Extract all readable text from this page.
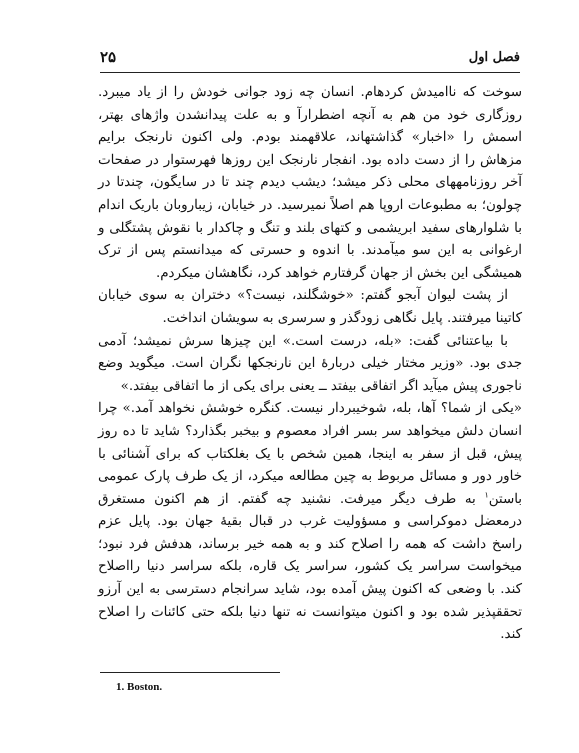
فصل اول
۲۵

سوخت که ناامیدش کردهام. انسان چه زود جوانی خودش را از یاد میبرد. روزگاری خود من هم به آنچه اضطرارآ و به علت پیدانشدن واژهای بهتر، اسمش را «اخبار» گذاشتهاند، علاقهمند بودم. ولی اکنون نارنجک برایم مزهاش را از دست داده بود. انفجار نارنجک این روزها فهرستوار در صفحات آخر روزنامههای محلی ذکر میشد؛ دیشب دیدم چند تا در سایگون، چندتا در چولون؛ به مطبوعات اروپا هم اصلاً نمیرسید. در خیابان، زیباروبان باریک اندام با شلوارهای سفید ابریشمی و کتهای بلند و تنگ و چاکدار با نقوش پشتگلی و ارغوانی به این سو میآمدند. با اندوه و حسرتی که میدانستم پس از ترک همیشگی این بخش از جهان گرفتارم خواهد کرد، نگاهشان میکردم.

از پشت لیوان آبجو گفتم: «خوشگلند، نیست؟» دختران به سوی خیابان کاتینا میرفتند. پایل نگاهی زودگذر و سرسری به سویشان انداخت.

با بیاعتنائی گفت: «بله، درست است.» این چیزها سرش نمیشد؛ آدمی جدی بود. «وزیر مختار خیلی دربارهٔ این نارنجکها نگران است. میگوید وضع ناجوری پیش میآید اگر اتفاقی بیفتد ــ یعنی برای یکی از ما اتفاقی بیفتد.»

«یکی از شما؟ آها، بله، شوخیبردار نیست. کنگره خوشش نخواهد آمد.» چرا انسان دلش میخواهد سر بسر افراد معصوم و بیخبر بگذارد؟ شاید تا ده روز پیش، قبل از سفر به اینجا، همین شخص با یک بغلکتاب که برای آشنائی با خاور دور و مسائل مربوط به چین مطالعه میکرد، از یک طرف پارک عمومی باستن$^۱$ به طرف دیگر میرفت. نشنید چه گفتم. از هم اکنون مستغرق درمعضل دموکراسی و مسؤولیت غرب در قبال بقیهٔ جهان بود. پایل عزم راسخ داشت که همه را اصلاح کند و به همه خیر برساند، هدفش فرد نبود؛ میخواست سراسر یک کشور، سراسر یک قاره، بلکه سراسر دنیا رااصلاح کند. با وضعی که اکنون پیش آمده بود، شاید سرانجام دسترسی به این آرزو تحققپذیر شده بود و اکنون میتوانست نه تنها دنیا بلکه حتی کائنات را اصلاح کند.

1. Boston.
